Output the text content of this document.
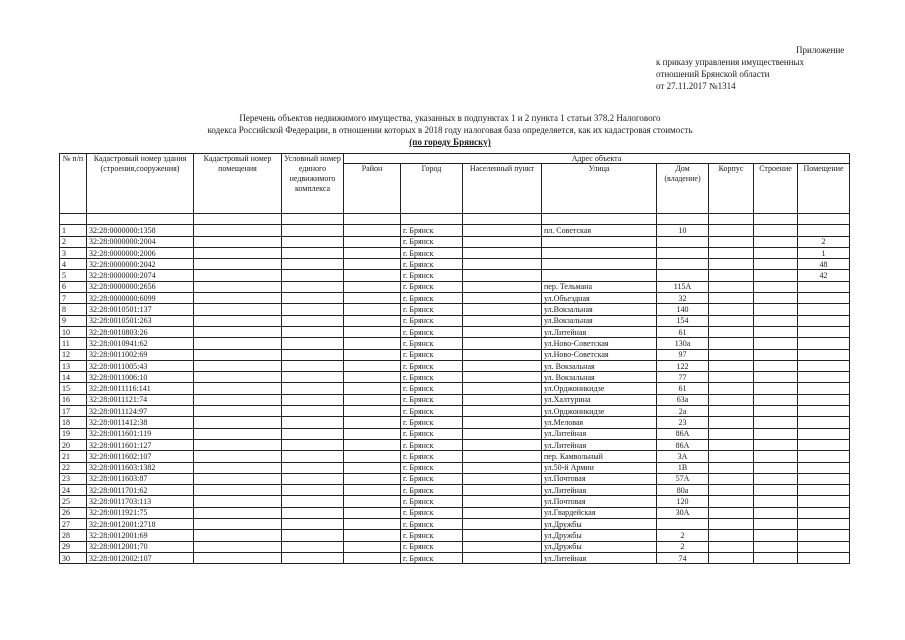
Приложение
к приказу управления имущественных
отношений Брянской области
от 27.11.2017 №1314
Перечень объектов недвижимого имущества, указанных в подпунктах 1 и 2 пункта 1 статьи 378.2 Налогового
кодекса Российской Федерации, в отношении которых в 2018 году налоговая база определяется, как их кадастровая стоимость
(по городу Брянску)
№ п/п	Кадастровый номер здания (строения,сооружения)	Кадастровый номер помещения	Условный номер единого недвижимого комплекса	Адрес объекта							
				Район	Город	Населенный пункт	Улица	Дом (владение)	Корпус	Строение	Помещение

1	32:28:0000000:1358				г. Брянск		пл. Советская	10			
2	32:28:0000000:2004				г. Брянск						2
3	32:28:0000000:2006				г. Брянск						1
4	32:28:0000000:2042				г. Брянск						48
5	32:28:0000000:2074				г. Брянск						42
6	32:28:0000000:2656				г. Брянск		пер. Тельмана	115А			
7	32:28:0000000:6099				г. Брянск		ул.Объездная	32			
8	32:28:0010501:137				г. Брянск		ул.Вокзальная	140			
9	32:28:0010501:263				г. Брянск		ул.Вокзальная	154			
10	32:28:0010803:26				г. Брянск		ул.Литейная	61			
11	32:28:0010941:62				г. Брянск		ул.Ново-Советская	130а			
12	32:28:0011002:69				г. Брянск		ул.Ново-Советская	97			
13	32:28:0011005:43				г. Брянск		ул. Вокзальная	122			
14	32:28:0011006:10				г. Брянск		ул. Вокзальная	77			
15	32:28:0011116:141				г. Брянск		ул.Орджоникидзе	61			
16	32:28:0011121:74				г. Брянск		ул.Халтурина	63а			
17	32:28:0011124:97				г. Брянск		ул.Орджоникидзе	2а			
18	32:28:0011412:38				г. Брянск		ул.Меловая	23			
19	32:28:0011601:119				г. Брянск		ул.Литейная	86А			
20	32:28:0011601:127				г. Брянск		ул.Литейная	86А			
21	32:28:0011602:107				г. Брянск		пер. Камвольный	3А			
22	32:28:0011603:1382				г. Брянск		ул.50-й Армии	1В			
23	32:28:0011603:87				г. Брянск		ул.Почтовая	57А			
24	32:28:0011701:62				г. Брянск		ул.Литейная	80а			
25	32:28:0011703:113				г. Брянск		ул.Почтовая	120			
26	32:28:0011921:75				г. Брянск		ул.Гвардейская	30А			
27	32:28:0012001:2718				г. Брянск		ул.Дружбы				
28	32:28:0012001:69				г. Брянск		ул.Дружбы	2			
29	32:28:0012001:70				г. Брянск		ул.Дружбы	2			
30	32:28:0012002:107				г. Брянск		ул.Литейная	74			
